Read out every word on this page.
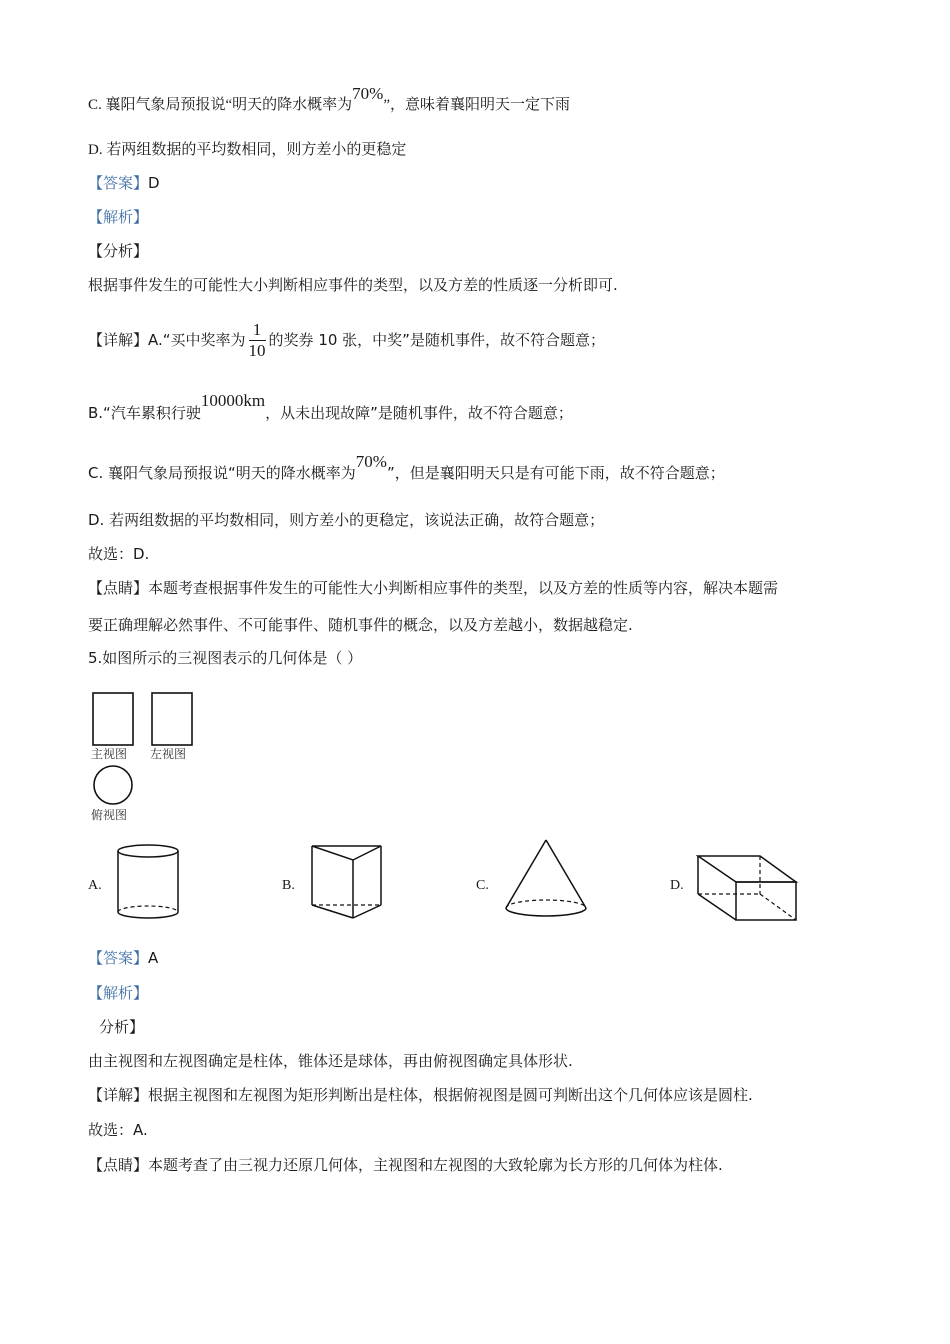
C. 襄阳气象局预报说“明天的降水概率为70%”，意味着襄阳明天一定下雨
D. 若两组数据的平均数相同，则方差小的更稳定
【答案】D
【解析】
【分析】
根据事件发生的可能性大小判断相应事件的类型，以及方差的性质逐一分析即可.
【详解】A.“买中奖率为 $\frac{1}{10}$ 的奖券 10 张，中奖”是随机事件，故不符合题意；
B.“汽车累积行驶10000km，从未出现故障”是随机事件，故不符合题意；
C. 襄阳气象局预报说“明天的降水概率为70%”，但是襄阳明天只是有可能下雨，故不符合题意；
D. 若两组数据的平均数相同，则方差小的更稳定，该说法正确，故符合题意；
故选：D.
【点睛】本题考查根据事件发生的可能性大小判断相应事件的类型，以及方差的性质等内容，解决本题需
要正确理解必然事件、不可能事件、随机事件的概念，以及方差越小，数据越稳定.
5.如图所示的三视图表示的几何体是（ ）
主视图 左视图
俯视图
A.	B.	C.	D.
【答案】A
【解析】
分析】
由主视图和左视图确定是柱体，锥体还是球体，再由俯视图确定具体形状.
【详解】根据主视图和左视图为矩形判断出是柱体，根据俯视图是圆可判断出这个几何体应该是圆柱.
故选：A.
【点睛】本题考查了由三视力还原几何体，主视图和左视图的大致轮廓为长方形的几何体为柱体.
